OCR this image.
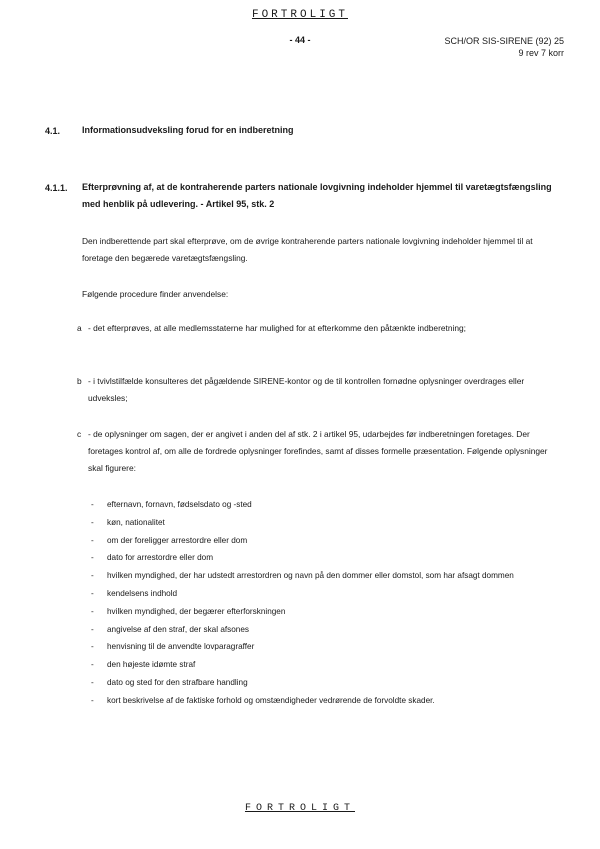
FORTROLIGT
- 44 -	SCH/OR SIS-SIRENE (92) 25
9 rev 7 korr
4.1. Informationsudveksling forud for en indberetning
4.1.1. Efterprøvning af, at de kontraherende parters nationale lovgivning indeholder hjemmel til varetægtsfængsling med henblik på udlevering. - Artikel 95, stk. 2
Den indberettende part skal efterprøve, om de øvrige kontraherende parters nationale lovgivning indeholder hjemmel til at foretage den begærede varetægtsfængsling.
Følgende procedure finder anvendelse:
a - det efterprøves, at alle medlemsstaterne har mulighed for at efterkomme den påtænkte indberetning;
b - i tvivlstilfælde konsulteres det pågældende SIRENE-kontor og de til kontrollen fornødne oplysninger overdrages eller udveksles;
c - de oplysninger om sagen, der er angivet i anden del af stk. 2 i artikel 95, udarbejdes før indberetningen foretages. Der foretages kontrol af, om alle de fordrede oplysninger forefindes, samt af disses formelle præsentation. Følgende oplysninger skal figurere:
- efternavn, fornavn, fødselsdato og -sted
- køn, nationalitet
- om der foreligger arrestordre eller dom
- dato for arrestordre eller dom
- hvilken myndighed, der har udstedt arrestordren og navn på den dommer eller domstol, som har afsagt dommen
- kendelsens indhold
- hvilken myndighed, der begærer efterforskningen
- angivelse af den straf, der skal afsones
- henvisning til de anvendte lovparagraffer
- den højeste idømte straf
- dato og sted for den strafbare handling
- kort beskrivelse af de faktiske forhold og omstændigheder vedrørende de forvoldte skader.
FORTROLIGT
